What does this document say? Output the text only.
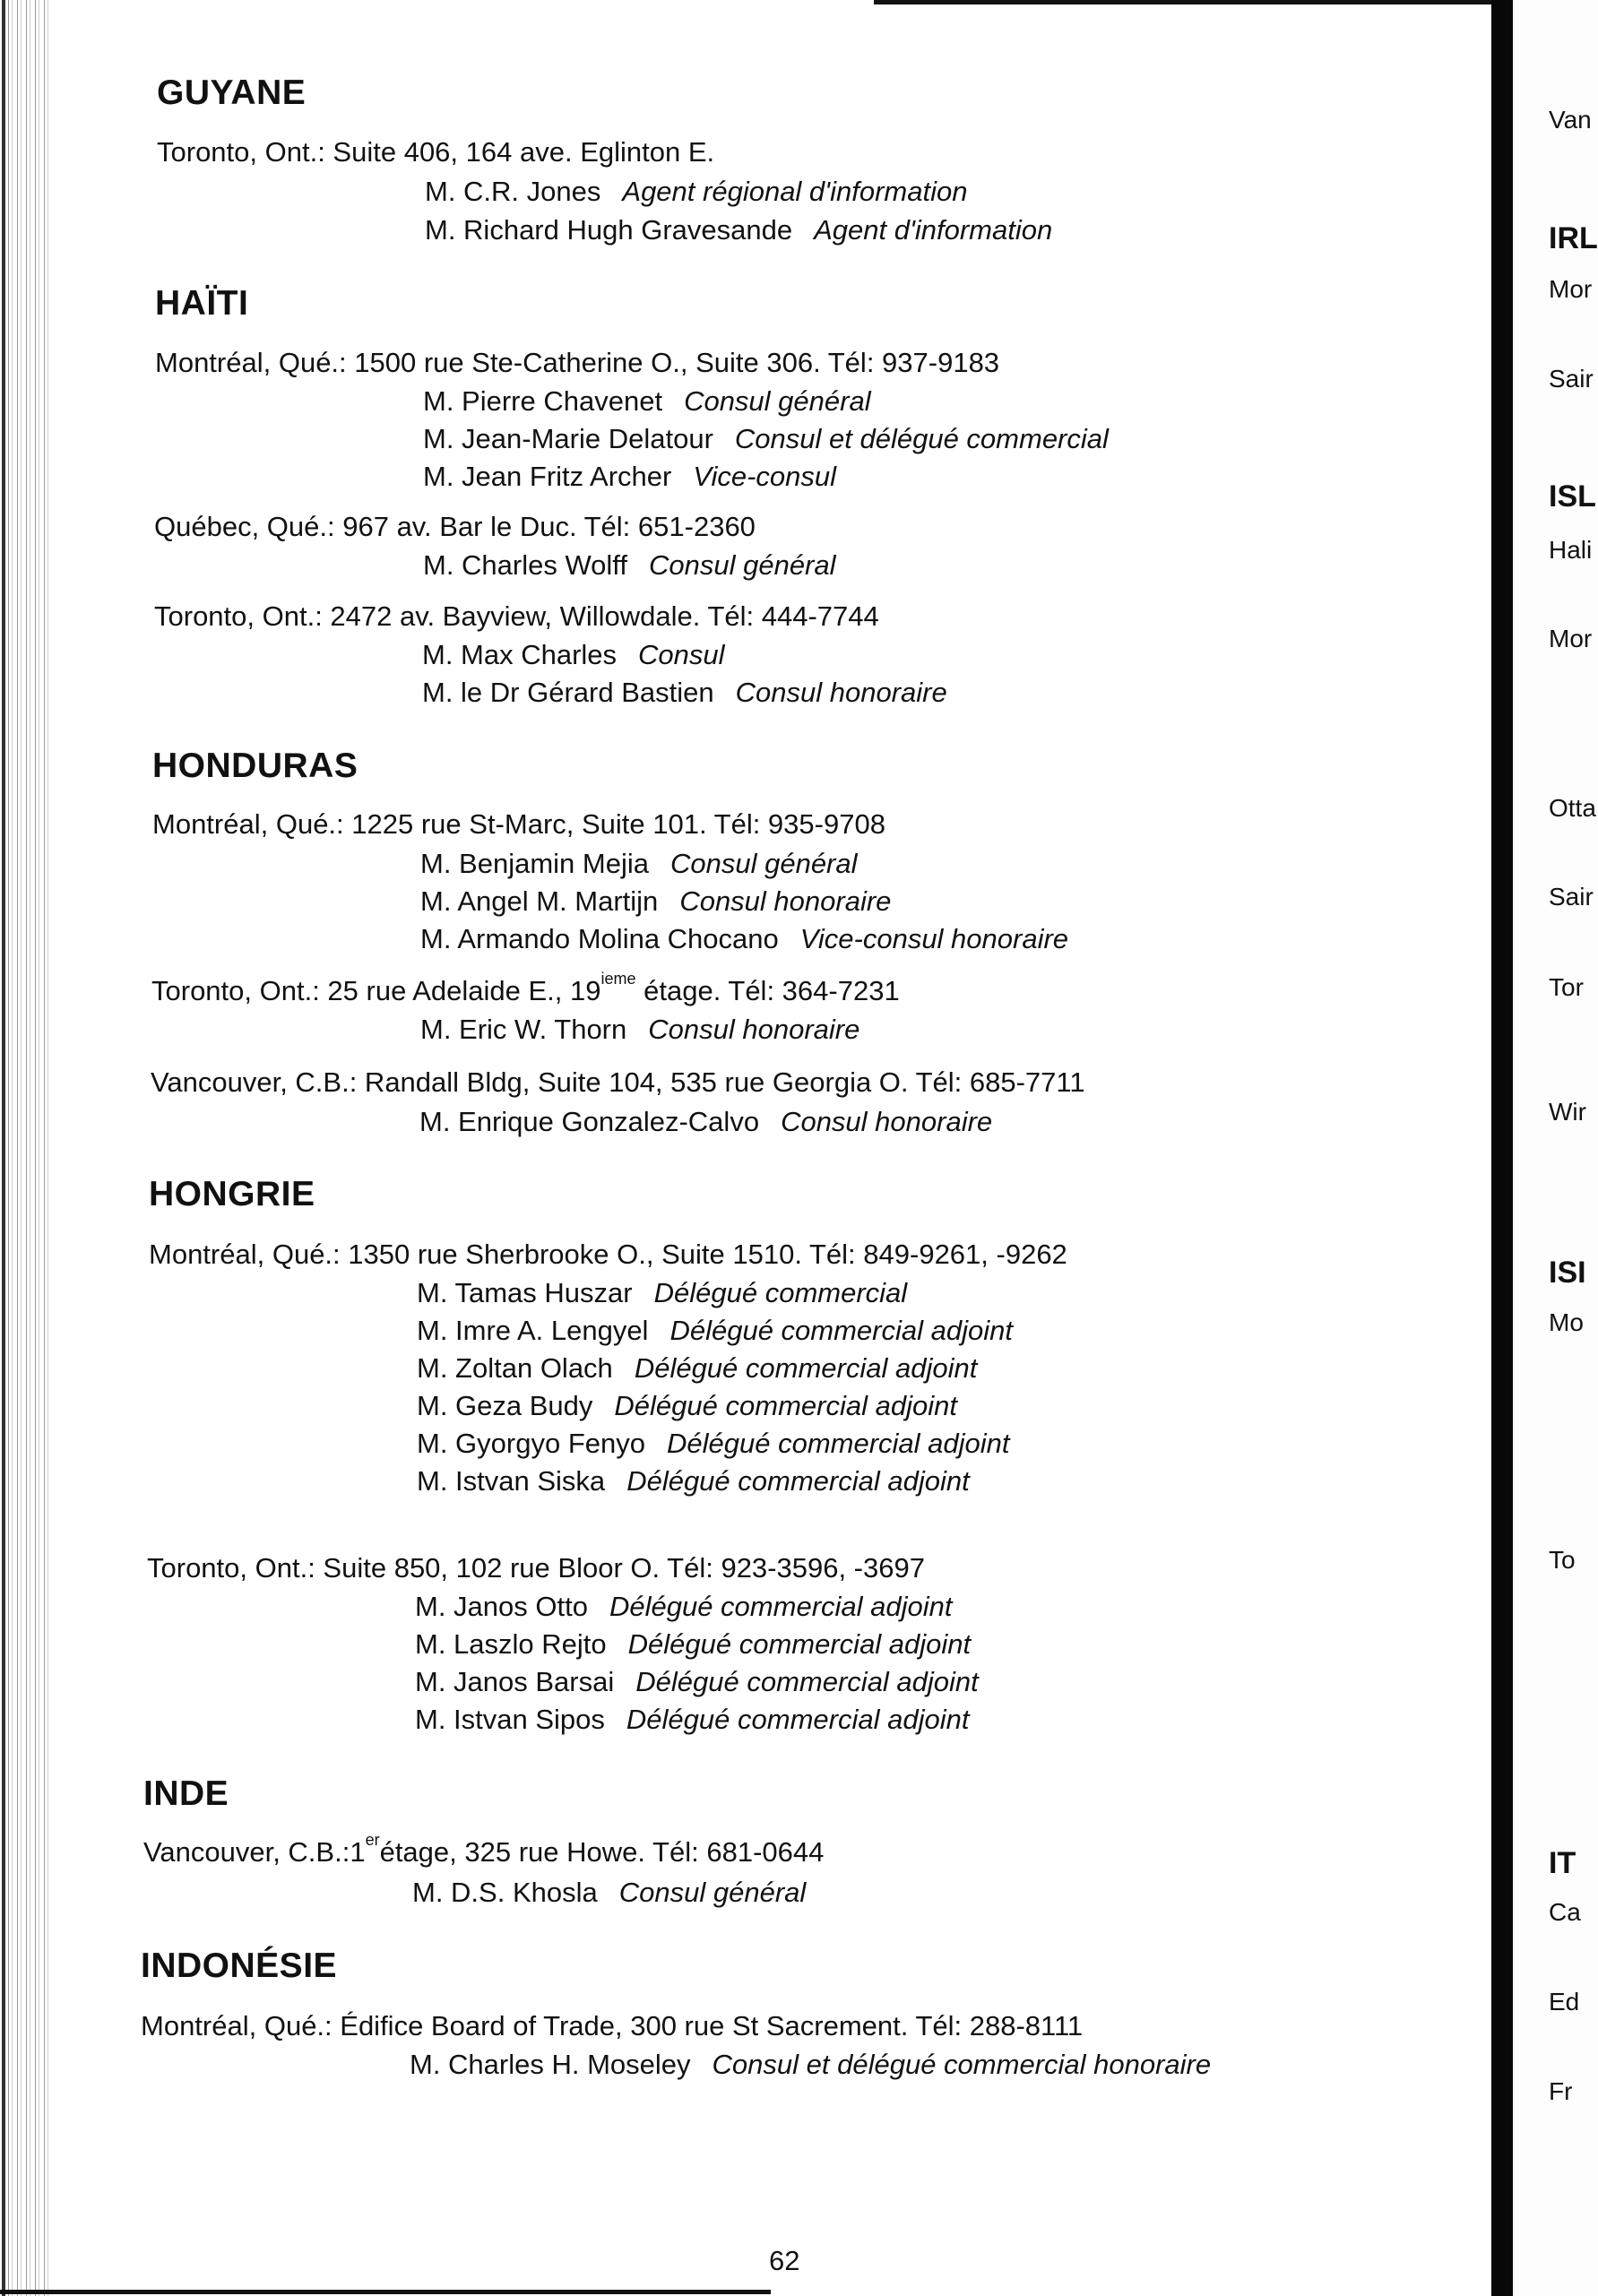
Van
IRL
Mor
Sair
ISL
Hali
Mor
Otta
Sair
Tor
Wir
ISI
Mo
To
IT
Ca
Ed
Fr
GUYANE
Toronto, Ont.: Suite 406, 164 ave. Eglinton E.
M. C.R. Jones Agent régional d'information
M. Richard Hugh Gravesande Agent d'information
HAÏTI
Montréal, Qué.: 1500 rue Ste-Catherine O., Suite 306. Tél: 937-9183
M. Pierre Chavenet Consul général
M. Jean-Marie Delatour Consul et délégué commercial
M. Jean Fritz Archer Vice-consul
Québec, Qué.: 967 av. Bar le Duc. Tél: 651-2360
M. Charles Wolff Consul général
Toronto, Ont.: 2472 av. Bayview, Willowdale. Tél: 444-7744
M. Max Charles Consul
M. le Dr Gérard Bastien Consul honoraire
HONDURAS
Montréal, Qué.: 1225 rue St-Marc, Suite 101. Tél: 935-9708
M. Benjamin Mejia Consul général
M. Angel M. Martijn Consul honoraire
M. Armando Molina Chocano Vice-consul honoraire
Toronto, Ont.: 25 rue Adelaide E., 19ieme étage. Tél: 364-7231
M. Eric W. Thorn Consul honoraire
Vancouver, C.B.: Randall Bldg, Suite 104, 535 rue Georgia O. Tél: 685-7711
M. Enrique Gonzalez-Calvo Consul honoraire
HONGRIE
Montréal, Qué.: 1350 rue Sherbrooke O., Suite 1510. Tél: 849-9261, -9262
M. Tamas Huszar Délégué commercial
M. Imre A. Lengyel Délégué commercial adjoint
M. Zoltan Olach Délégué commercial adjoint
M. Geza Budy Délégué commercial adjoint
M. Gyorgyo Fenyo Délégué commercial adjoint
M. Istvan Siska Délégué commercial adjoint
Toronto, Ont.: Suite 850, 102 rue Bloor O. Tél: 923-3596, -3697
M. Janos Otto Délégué commercial adjoint
M. Laszlo Rejto Délégué commercial adjoint
M. Janos Barsai Délégué commercial adjoint
M. Istvan Sipos Délégué commercial adjoint
INDE
Vancouver, C.B.:1erétage, 325 rue Howe. Tél: 681-0644
M. D.S. Khosla Consul général
INDONÉSIE
Montréal, Qué.: Édifice Board of Trade, 300 rue St Sacrement. Tél: 288-8111
M. Charles H. Moseley Consul et délégué commercial honoraire
62
